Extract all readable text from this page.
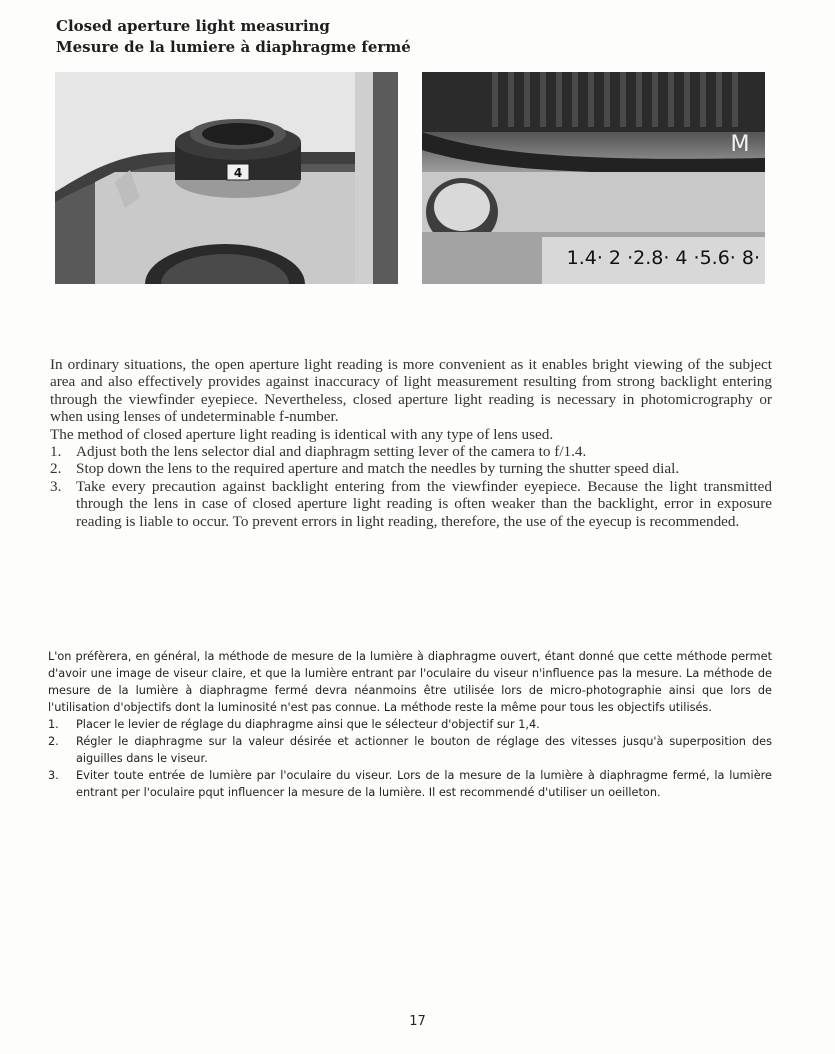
Closed aperture light measuring
Mesure de la lumiere à diaphragme fermé
4
M
1.4· 2 ·2.8· 4 ·5.6· 8·

In ordinary situations, the open aperture light reading is more convenient as it enables bright viewing of the subject area and also effectively provides against inaccuracy of light measurement resulting from strong backlight entering through the viewfinder eyepiece. Nevertheless, closed aperture light reading is necessary in photomicrography or when using lenses of undeterminable f-number.

The method of closed aperture light reading is identical with any type of lens used.

1. Adjust both the lens selector dial and diaphragm setting lever of the camera to f/1.4.
2. Stop down the lens to the required aperture and match the needles by turning the shutter speed dial.
3. Take every precaution against backlight entering from the viewfinder eyepiece. Because the light transmitted through the lens in case of closed aperture light reading is often weaker than the backlight, error in exposure reading is liable to occur. To prevent errors in light reading, therefore, the use of the eyecup is recommended.

L'on préfèrera, en général, la méthode de mesure de la lumière à diaphragme ouvert, étant donné que cette méthode permet d'avoir une image de viseur claire, et que la lumière entrant par l'oculaire du viseur n'influence pas la mesure. La méthode de mesure de la lumière à diaphragme fermé devra néanmoins être utilisée lors de micro-photographie ainsi que lors de l'utilisation d'objectifs dont la luminosité n'est pas connue. La méthode reste la même pour tous les objectifs utilisés.

1. Placer le levier de réglage du diaphragme ainsi que le sélecteur d'objectif sur 1,4.
2. Régler le diaphragme sur la valeur désirée et actionner le bouton de réglage des vitesses jusqu'à superposition des aiguilles dans le viseur.
3. Eviter toute entrée de lumière par l'oculaire du viseur. Lors de la mesure de la lumière à diaphragme fermé, la lumière entrant per l'oculaire pqut influencer la mesure de la lumière. Il est recommendé d'utiliser un oeilleton.
17
